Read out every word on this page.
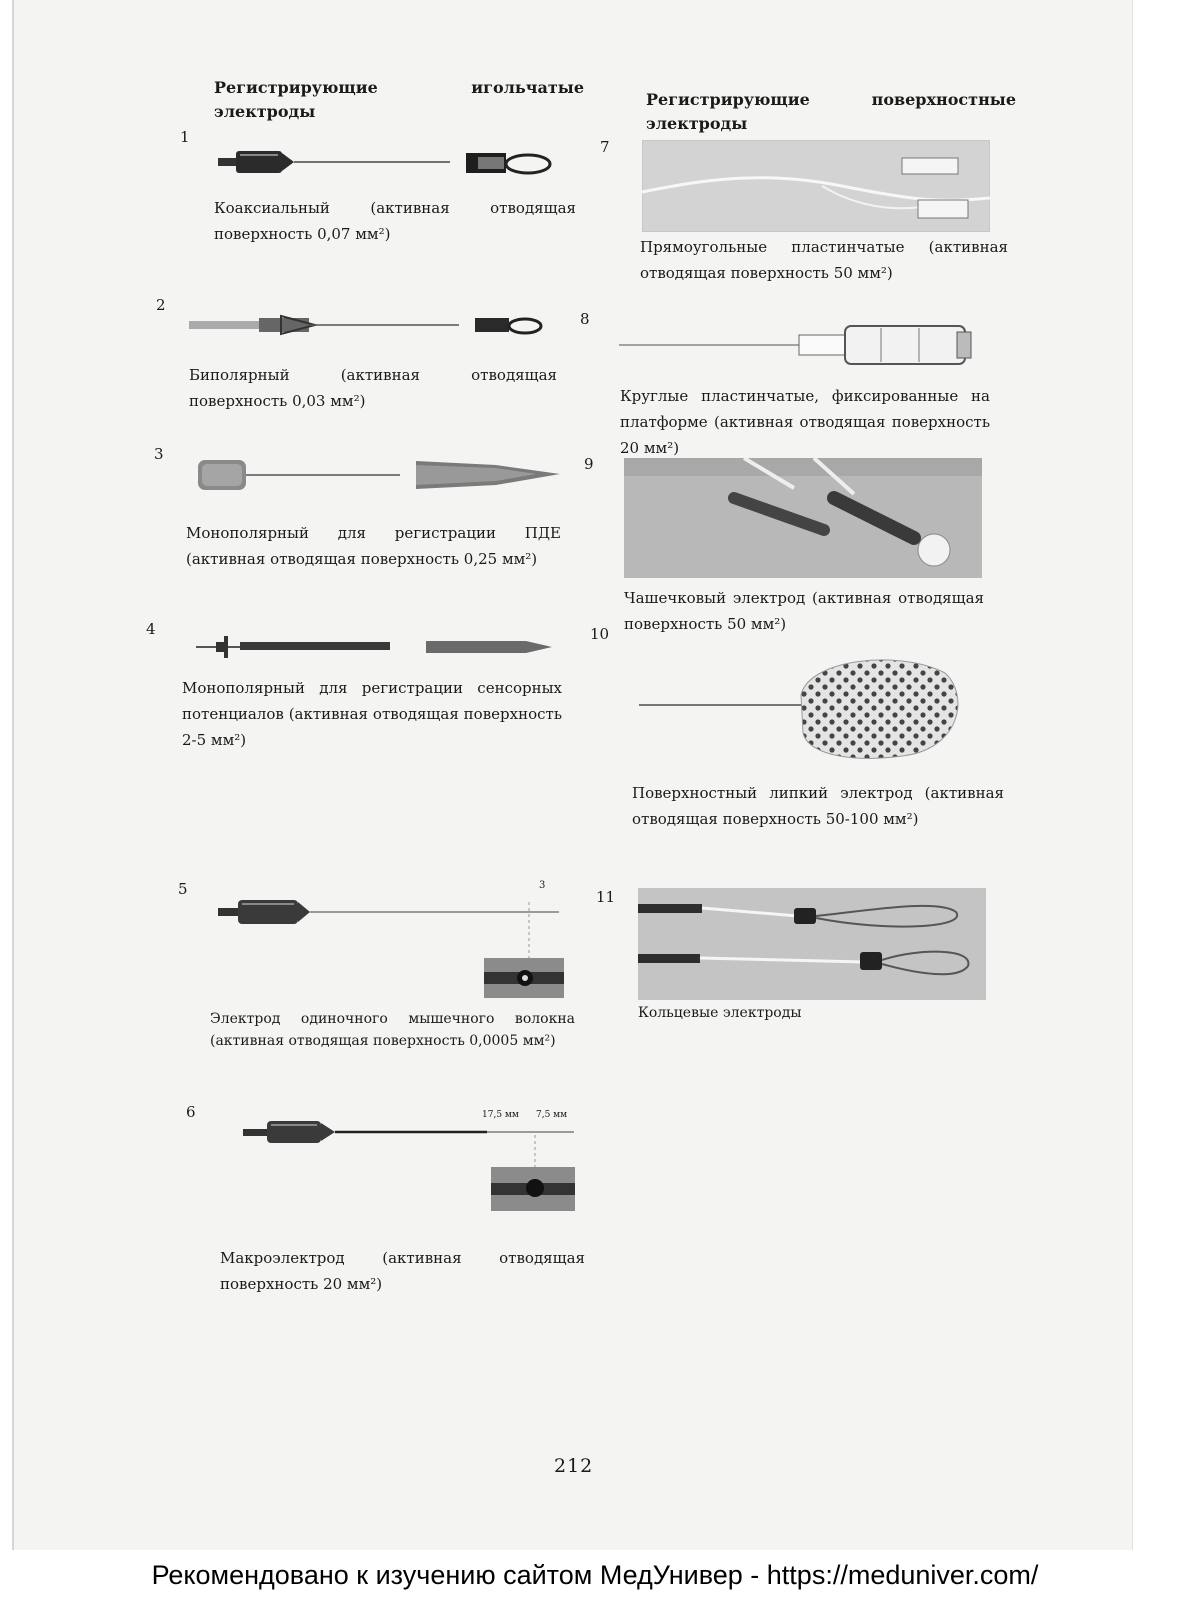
Регистрирующие игольчатые электроды
1
Коаксиальный (активная отводящая поверхность 0,07 мм²)
2
Биполярный (активная отводящая поверхность 0,03 мм²)
3
Монополярный для регистрации ПДЕ (активная отводящая поверхность 0,25 мм²)
4
Монополярный для регистрации сенсорных потенциалов (активная отводящая поверхность 2-5 мм²)
5	3
Электрод одиночного мышечного волокна (активная отводящая поверхность 0,0005 мм²)
6	17,5 мм 7,5 мм
Макроэлектрод (активная отводящая поверхность 20 мм²)
Регистрирующие поверхностные электроды
7
Прямоугольные пластинчатые (активная отводящая поверхность 50 мм²)
8
Круглые пластинчатые, фиксированные на платформе (активная отводящая поверхность 20 мм²)
9
Чашечковый электрод (активная отводящая поверхность 50 мм²)
10
Поверхностный липкий электрод (активная отводящая поверхность 50-100 мм²)
11
Кольцевые электроды
212
Рекомендовано к изучению сайтом МедУнивер - https://meduniver.com/
